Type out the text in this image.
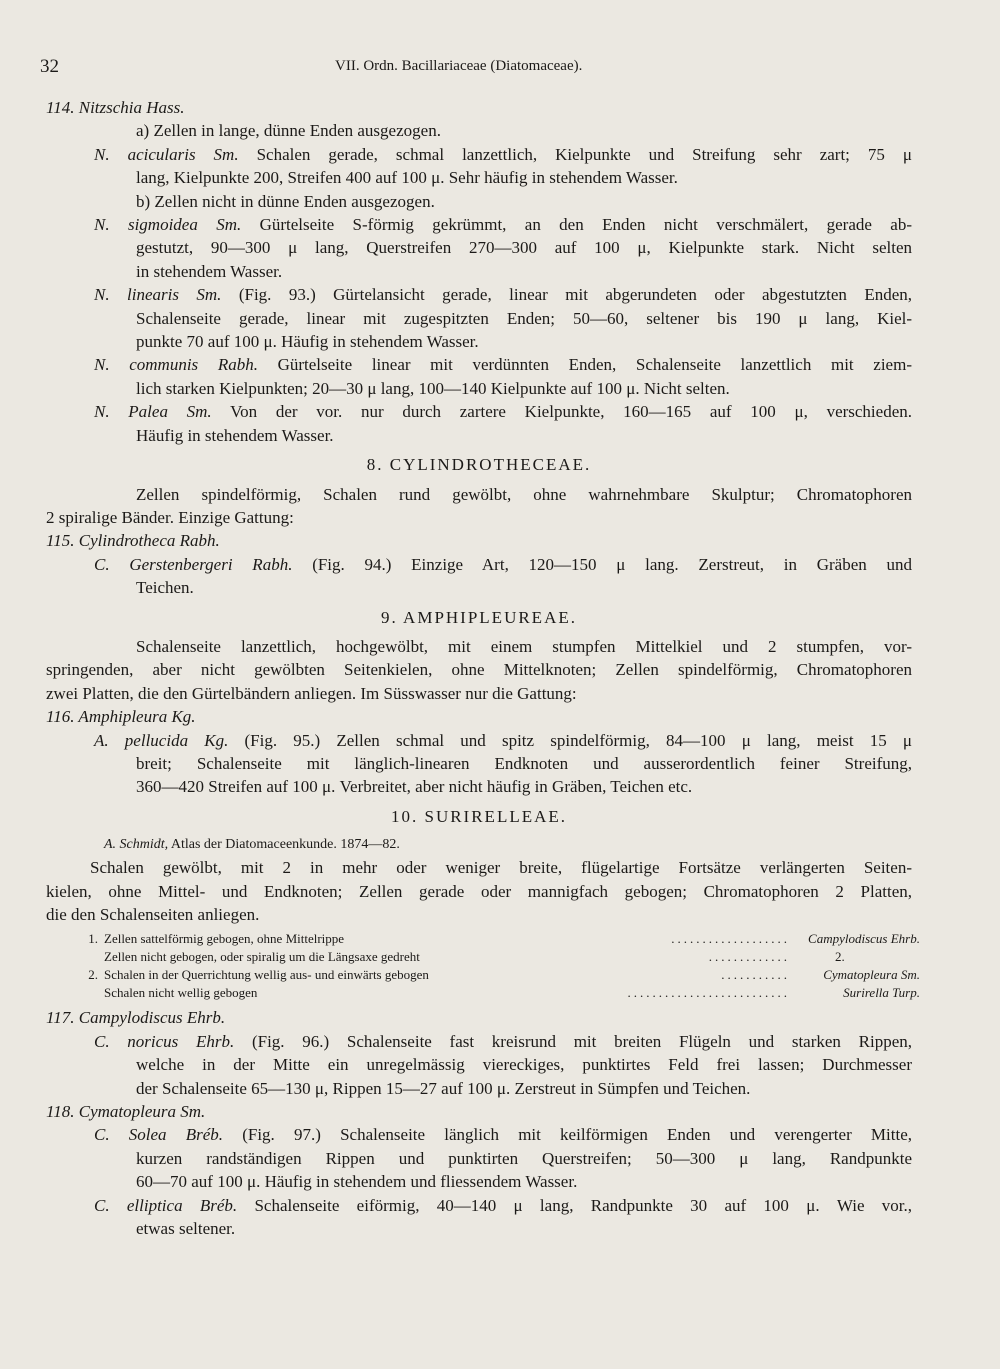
32	VII. Ordn. Bacillariaceae (Diatomaceae).
114. Nitzschia Hass.
a) Zellen in lange, dünne Enden ausgezogen.
N. acicularis Sm. Schalen gerade, schmal lanzettlich, Kielpunkte und Streifung sehr zart; 75 μ
lang, Kielpunkte 200, Streifen 400 auf 100 μ. Sehr häufig in stehendem Wasser.
b) Zellen nicht in dünne Enden ausgezogen.
N. sigmoidea Sm. Gürtelseite S-förmig gekrümmt, an den Enden nicht verschmälert, gerade ab-
gestutzt, 90—300 μ lang, Querstreifen 270—300 auf 100 μ, Kielpunkte stark. Nicht selten
in stehendem Wasser.
N. linearis Sm. (Fig. 93.) Gürtelansicht gerade, linear mit abgerundeten oder abgestutzten Enden,
Schalenseite gerade, linear mit zugespitzten Enden; 50—60, seltener bis 190 μ lang, Kiel-
punkte 70 auf 100 μ. Häufig in stehendem Wasser.
N. communis Rabh. Gürtelseite linear mit verdünnten Enden, Schalenseite lanzettlich mit ziem-
lich starken Kielpunkten; 20—30 μ lang, 100—140 Kielpunkte auf 100 μ. Nicht selten.
N. Palea Sm. Von der vor. nur durch zartere Kielpunkte, 160—165 auf 100 μ, verschieden.
Häufig in stehendem Wasser.
8. CYLINDROTHECEAE.
Zellen spindelförmig, Schalen rund gewölbt, ohne wahrnehmbare Skulptur; Chromatophoren
2 spiralige Bänder. Einzige Gattung:
115. Cylindrotheca Rabh.
C. Gerstenbergeri Rabh. (Fig. 94.) Einzige Art, 120—150 μ lang. Zerstreut, in Gräben und
Teichen.
9. AMPHIPLEUREAE.
Schalenseite lanzettlich, hochgewölbt, mit einem stumpfen Mittelkiel und 2 stumpfen, vor-
springenden, aber nicht gewölbten Seitenkielen, ohne Mittelknoten; Zellen spindelförmig, Chromatophoren
zwei Platten, die den Gürtelbändern anliegen. Im Süsswasser nur die Gattung:
116. Amphipleura Kg.
A. pellucida Kg. (Fig. 95.) Zellen schmal und spitz spindelförmig, 84—100 μ lang, meist 15 μ
breit; Schalenseite mit länglich-linearen Endknoten und ausserordentlich feiner Streifung,
360—420 Streifen auf 100 μ. Verbreitet, aber nicht häufig in Gräben, Teichen etc.
10. SURIRELLEAE.
A. Schmidt, Atlas der Diatomaceenkunde. 1874—82.
Schalen gewölbt, mit 2 in mehr oder weniger breite, flügelartige Fortsätze verlängerten Seiten-
kielen, ohne Mittel- und Endknoten; Zellen gerade oder mannigfach gebogen; Chromatophoren 2 Platten,
die den Schalenseiten anliegen.
1. Zellen sattelförmig gebogen, ohne Mittelrippe	...................	Campylodiscus Ehrb.
Zellen nicht gebogen, oder spiralig um die Längsaxe gedreht	.............	2.
2. Schalen in der Querrichtung wellig aus- und einwärts gebogen	...........	Cymatopleura Sm.
Schalen nicht wellig gebogen	..........................	Surirella Turp.
117. Campylodiscus Ehrb.
C. noricus Ehrb. (Fig. 96.) Schalenseite fast kreisrund mit breiten Flügeln und starken Rippen,
welche in der Mitte ein unregelmässig viereckiges, punktirtes Feld frei lassen; Durchmesser
der Schalenseite 65—130 μ, Rippen 15—27 auf 100 μ. Zerstreut in Sümpfen und Teichen.
118. Cymatopleura Sm.
C. Solea Bréb. (Fig. 97.) Schalenseite länglich mit keilförmigen Enden und verengerter Mitte,
kurzen randständigen Rippen und punktirten Querstreifen; 50—300 μ lang, Randpunkte
60—70 auf 100 μ. Häufig in stehendem und fliessendem Wasser.
C. elliptica Bréb. Schalenseite eiförmig, 40—140 μ lang, Randpunkte 30 auf 100 μ. Wie vor.,
etwas seltener.
